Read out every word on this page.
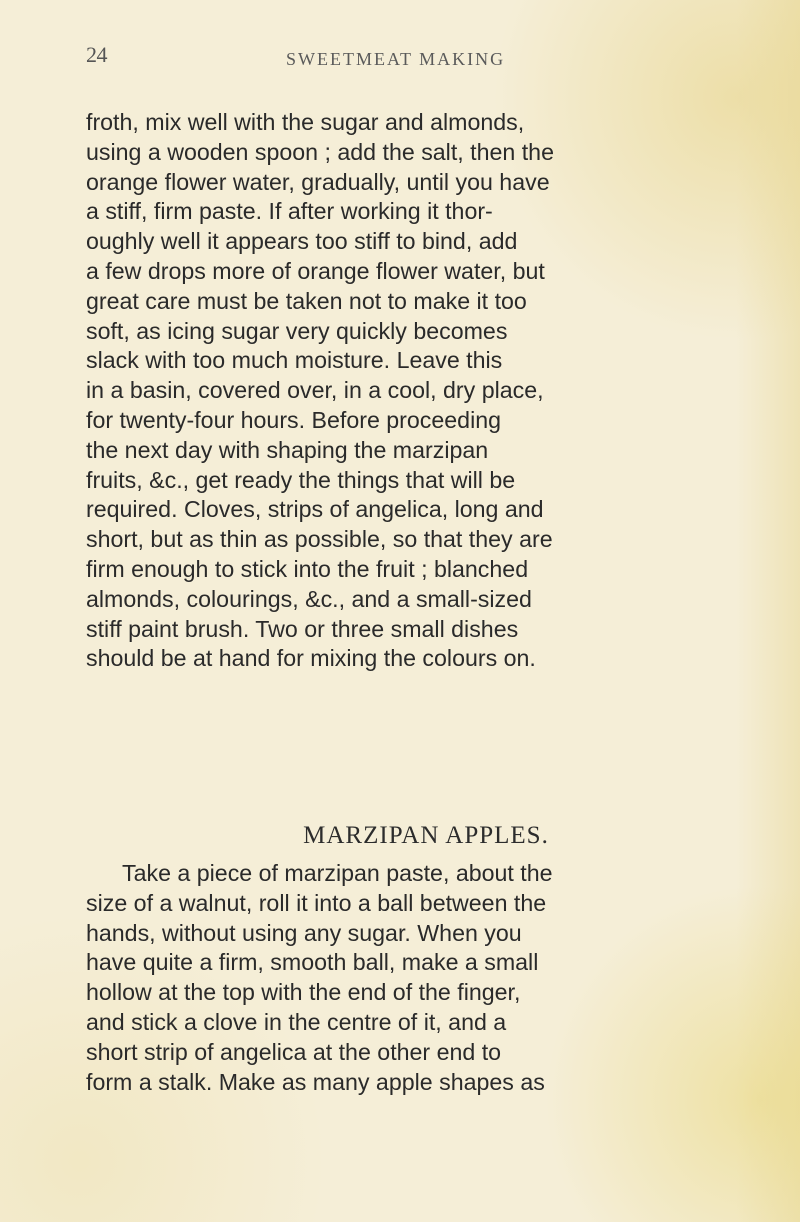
24	SWEETMEAT MAKING
froth, mix well with the sugar and almonds,
using a wooden spoon ; add the salt, then the
orange flower water, gradually, until you have
a stiff, firm paste. If after working it thor-
oughly well it appears too stiff to bind, add
a few drops more of orange flower water, but
great care must be taken not to make it too
soft, as icing sugar very quickly becomes
slack with too much moisture. Leave this
in a basin, covered over, in a cool, dry place,
for twenty-four hours. Before proceeding
the next day with shaping the marzipan
fruits, &c., get ready the things that will be
required. Cloves, strips of angelica, long and
short, but as thin as possible, so that they are
firm enough to stick into the fruit ; blanched
almonds, colourings, &c., and a small-sized
stiff paint brush. Two or three small dishes
should be at hand for mixing the colours on.
MARZIPAN APPLES.
Take a piece of marzipan paste, about the
size of a walnut, roll it into a ball between the
hands, without using any sugar. When you
have quite a firm, smooth ball, make a small
hollow at the top with the end of the finger,
and stick a clove in the centre of it, and a
short strip of angelica at the other end to
form a stalk. Make as many apple shapes as
